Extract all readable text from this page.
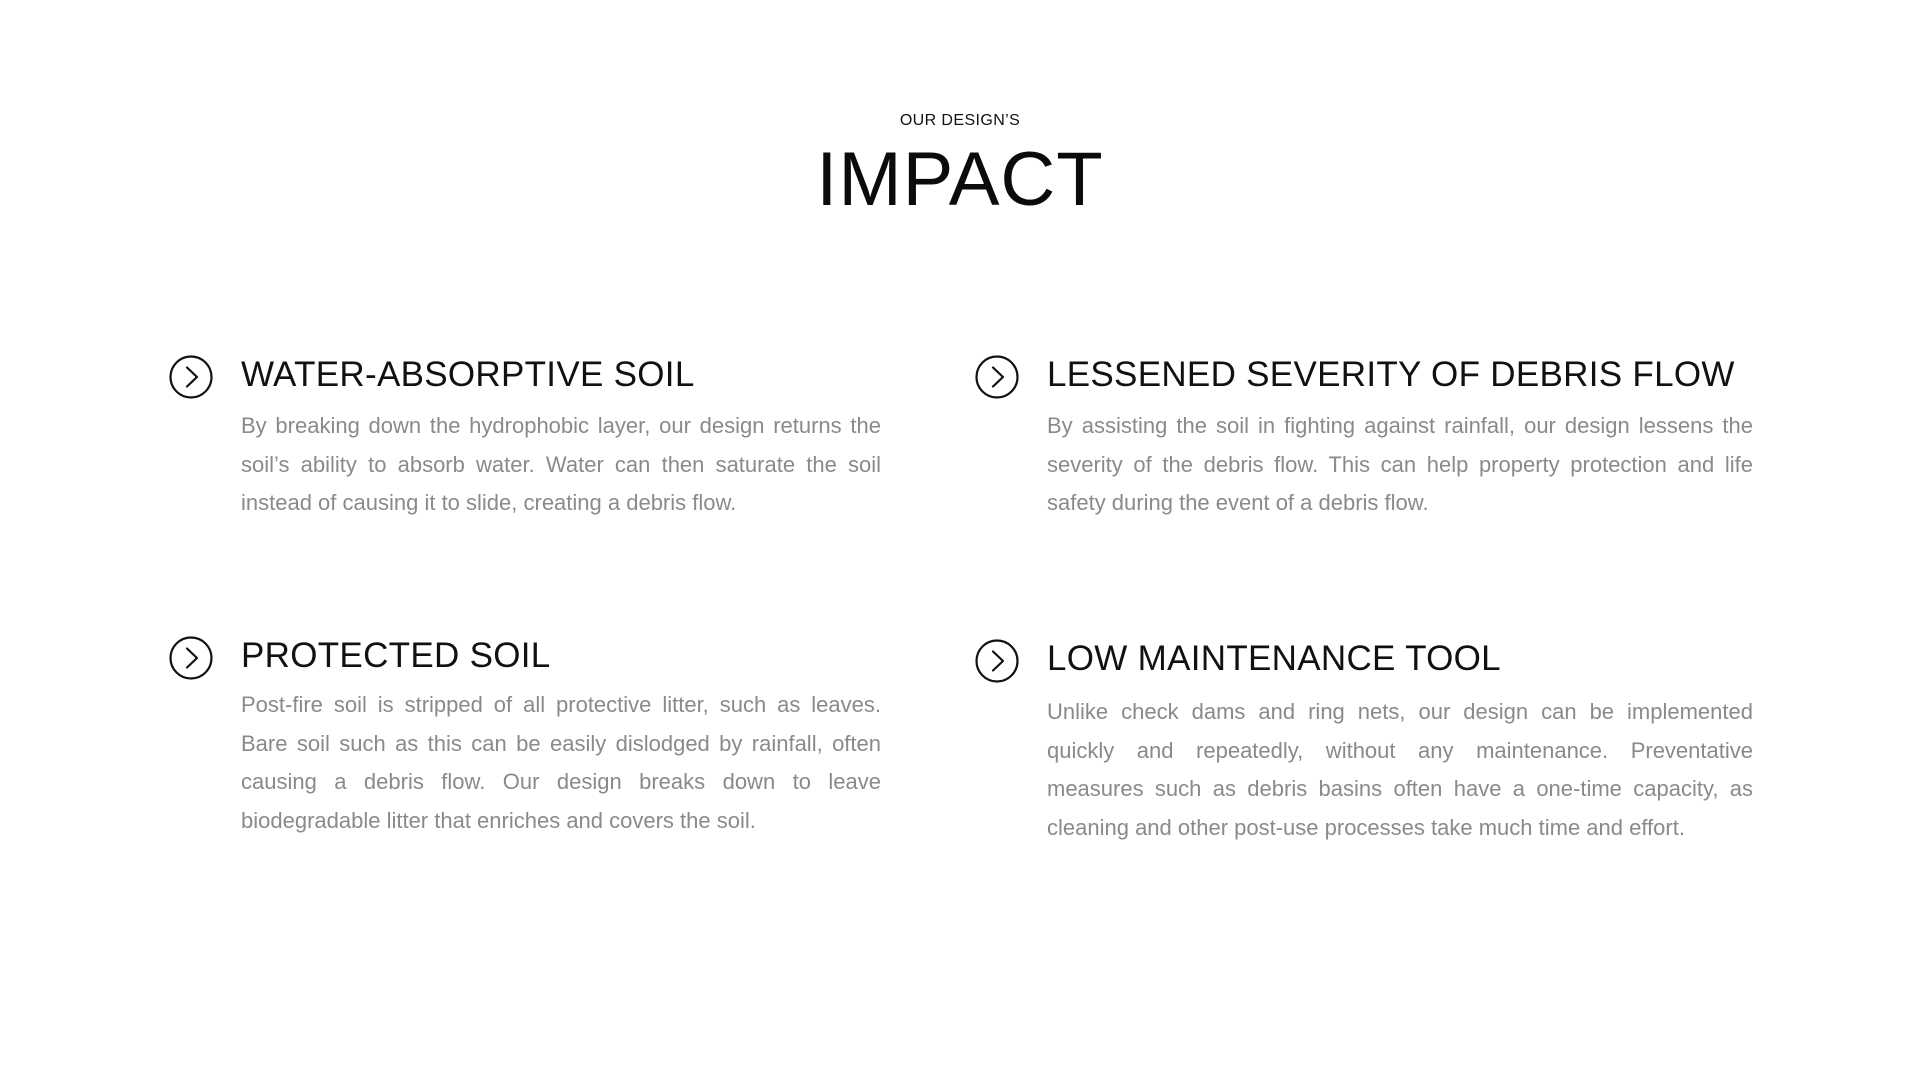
OUR DESIGN’S
IMPACT
WATER-ABSORPTIVE SOIL
By breaking down the hydrophobic layer, our design returns the soil’s ability to absorb water. Water can then saturate the soil instead of causing it to slide, creating a debris flow.
LESSENED SEVERITY OF DEBRIS FLOW
By assisting the soil in fighting against rainfall, our design lessens the severity of the debris flow. This can help property protection and life safety during the event of a debris flow.
PROTECTED SOIL
Post-fire soil is stripped of all protective litter, such as leaves. Bare soil such as this can be easily dislodged by rainfall, often causing a debris flow. Our design breaks down to leave biodegradable litter that enriches and covers the soil.
LOW MAINTENANCE TOOL
Unlike check dams and ring nets, our design can be implemented quickly and repeatedly, without any maintenance. Preventative measures such as debris basins often have a one-time capacity, as cleaning and other post-use processes take much time and effort.
